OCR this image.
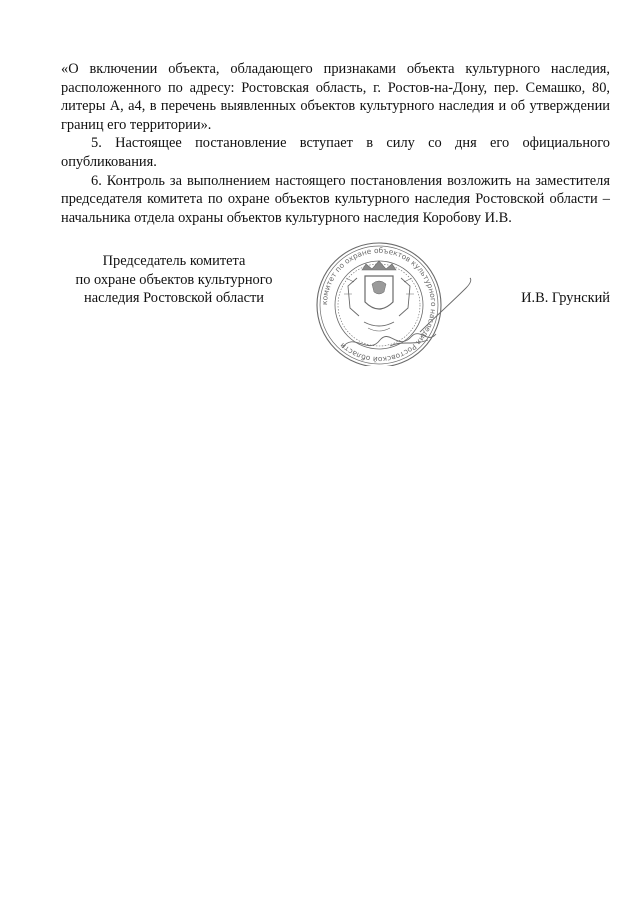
«О включении объекта, обладающего признаками объекта культурного наследия, расположенного по адресу: Ростовская область, г. Ростов-на-Дону, пер. Семашко, 80, литеры А, а4, в перечень выявленных объектов культурного наследия и об утверждении границ его территории».

5. Настоящее постановление вступает в силу со дня его официального опубликования.

6. Контроль за выполнением настоящего постановления возложить на заместителя председателя комитета по охране объектов культурного наследия Ростовской области – начальника отдела охраны объектов культурного наследия Коробову И.В.

Председатель комитета
по охране объектов культурного
наследия Ростовской области	комитет по охране объектов культурного наследия Ростовской области
И.В. Грунский
